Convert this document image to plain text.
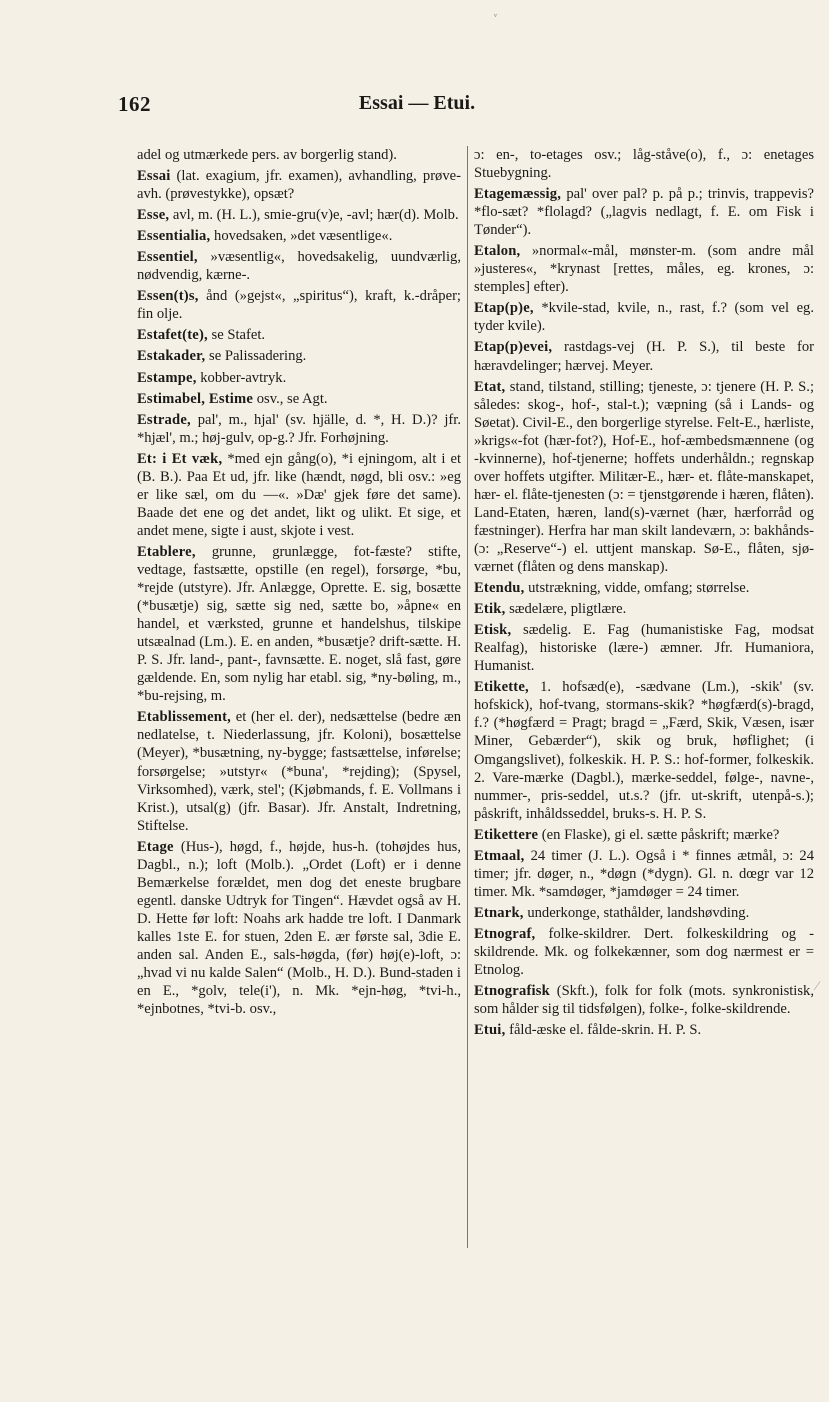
ᵥ
162	Essai — Etui.

adel og utmærkede pers. av borgerlig stand).

Essai (lat. exagium, jfr. examen), avhandling, prøve-avh. (prøvestykke), opsæt?

Esse, avl, m. (H. L.), smie-gru(v)e, -avl; hær(d). Molb.

Essentialia, hovedsaken, »det væsentlige«.

Essentiel, »væsentlig«, hovedsakelig, uundværlig, nødvendig, kærne-.

Essen(t)s, ånd (»gejst«, „spiritus“), kraft, k.-dråper; fin olje.

Estafet(te), se Stafet.

Estakader, se Palissadering.

Estampe, kobber-avtryk.

Estimabel, Estime osv., se Agt.

Estrade, pal', m., hjal' (sv. hjälle, d. *, H. D.)? jfr. *hjæl', m.; høj-gulv, op-g.? Jfr. Forhøjning.

Et: i Et væk, *med ejn gång(o), *i ejningom, alt i et (B. B.). Paa Et ud, jfr. like (hændt, nøgd, bli osv.: »eg er like sæl, om du —«. »Dæ' gjek føre det same). Baade det ene og det andet, likt og ulikt. Et sige, et andet mene, sigte i aust, skjote i vest.

Etablere, grunne, grunlægge, fot-fæste? stifte, vedtage, fastsætte, opstille (en regel), forsørge, *bu, *rejde (utstyre). Jfr. Anlægge, Oprette. E. sig, bosætte (*busætje) sig, sætte sig ned, sætte bo, »åpne« en handel, et værksted, grunne et handelshus, tilskipe utsæalnad (Lm.). E. en anden, *busætje? drift-sætte. H. P. S. Jfr. land-, pant-, favnsætte. E. noget, slå fast, gøre gældende. En, som nylig har etabl. sig, *ny-bøling, m., *bu-rejsing, m.

Etablissement, et (her el. der), nedsættelse (bedre æn nedlatelse, t. Niederlassung, jfr. Koloni), bosættelse (Meyer), *busætning, ny-bygge; fastsættelse, inførelse; forsørgelse; »utstyr« (*buna', *rejding); (Spysel, Virksomhed), værk, stel'; (Kjøbmands, f. E. Vollmans i Krist.), utsal(g) (jfr. Basar). Jfr. Anstalt, Indretning, Stiftelse.

Etage (Hus-), høgd, f., højde, hus-h. (tohøjdes hus, Dagbl., n.); loft (Molb.). „Ordet (Loft) er i denne Bemærkelse forældet, men dog det eneste brugbare egentl. danske Udtryk for Tingen“. Hævdet også av H. D. Hette før loft: Noahs ark hadde tre loft. I Danmark kalles 1ste E. for stuen, 2den E. ær første sal, 3die E. anden sal. Anden E., sals-høgda, (før) høj(e)-loft, ɔ: „hvad vi nu kalde Salen“ (Molb., H. D.). Bund-staden i en E., *golv, tele(i'), n. Mk. *ejn-høg, *tvi-h., *ejnbotnes, *tvi-b. osv.,

ɔ: en-, to-etages osv.; låg-ståve(o), f., ɔ: enetages Stuebygning.

Etagemæssig, pal' over pal? p. på p.; trinvis, trappevis? *flo-sæt? *flolagd? („lagvis nedlagt, f. E. om Fisk i Tønder“).

Etalon, »normal«-mål, mønster-m. (som andre mål »justeres«, *krynast [rettes, måles, eg. krones, ɔ: stemples] efter).

Etap(p)e, *kvile-stad, kvile, n., rast, f.? (som vel eg. tyder kvile).

Etap(p)evei, rastdags-vej (H. P. S.), til beste for hæravdelinger; hærvej. Meyer.

Etat, stand, tilstand, stilling; tjeneste, ɔ: tjenere (H. P. S.; således: skog-, hof-, stal-t.); væpning (så i Lands- og Søetat). Civil-E., den borgerlige styrelse. Felt-E., hærliste, »krigs«-fot (hær-fot?), Hof-E., hof-æmbedsmænnene (og -kvinnerne), hof-tjenerne; hoffets underhåldn.; regnskap over hoffets utgifter. Militær-E., hær- et. flåte-manskapet, hær- el. flåte-tjenesten (ɔ: = tjenstgørende i hæren, flåten). Land-Etaten, hæren, land(s)-værnet (hær, hærforråd og fæstninger). Herfra har man skilt landeværn, ɔ: bakhånds- (ɔ: „Reserve“-) el. uttjent manskap. Sø-E., flåten, sjø-værnet (flåten og dens manskap).

Etendu, utstrækning, vidde, omfang; størrelse.

Etik, sædelære, pligtlære.

Etisk, sædelig. E. Fag (humanistiske Fag, modsat Realfag), historiske (lære-) æmner. Jfr. Humaniora, Humanist.

Etikette, 1. hofsæd(e), -sædvane (Lm.), -skik' (sv. hofskick), hof-tvang, stormans-skik? *høgfærd(s)-bragd, f.? (*høgfærd = Pragt; bragd = „Færd, Skik, Væsen, især Miner, Gebærder“), skik og bruk, høflighet; (i Omgangslivet), folkeskik. H. P. S.: hof-former, folkeskik. 2. Vare-mærke (Dagbl.), mærke-seddel, følge-, navne-, nummer-, pris-seddel, ut.s.? (jfr. ut-skrift, utenpå-s.); påskrift, inhåldsseddel, bruks-s. H. P. S.

Etikettere (en Flaske), gi el. sætte påskrift; mærke?

Etmaal, 24 timer (J. L.). Også i * finnes ætmål, ɔ: 24 timer; jfr. døger, n., *døgn (*dygn). Gl. n. dœgr var 12 timer. Mk. *samdøger, *jamdøger = 24 timer.

Etnark, underkonge, stathålder, landshøvding.

Etnograf, folke-skildrer. Dert. folkeskildring og -skildrende. Mk. og folkekænner, som dog nærmest er = Etnolog.

Etnografisk (Skft.), folk for folk (mots. synkronistisk, som hålder sig til tidsfølgen), folke-, folke-skildrende.

Etui, fåld-æske el. fålde-skrin. H. P. S.

⁄
